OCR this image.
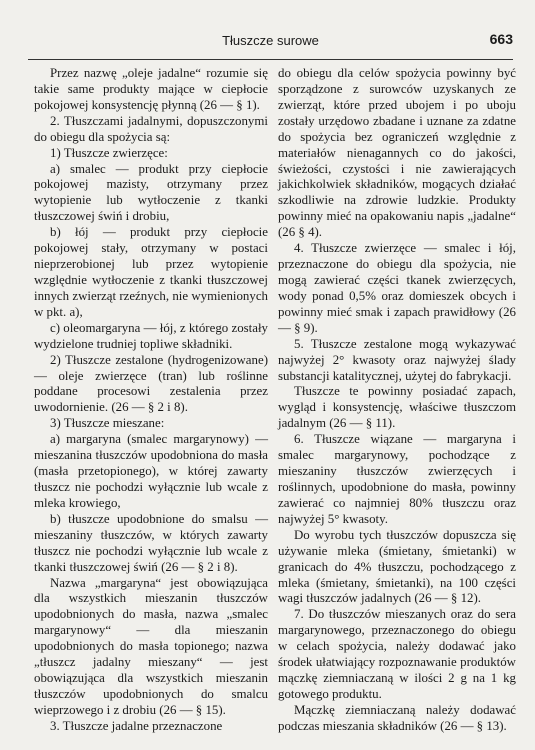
Tłuszcze surowe	663

Przez nazwę „oleje jadalne“ rozumie się takie same produkty mające w ciepłocie pokojowej konsystencję płynną (26 — § 1).

2. Tłuszczami jadalnymi, dopuszczonymi do obiegu dla spożycia są:

1) Tłuszcze zwierzęce:

a) smalec — produkt przy ciepłocie pokojowej mazisty, otrzymany przez wytopienie lub wytłoczenie z tkanki tłuszczowej świń i drobiu,

b) łój — produkt przy ciepłocie pokojowej stały, otrzymany w postaci nieprzerobionej lub przez wytopienie względnie wytłoczenie z tkanki tłuszczowej innych zwierząt rzeźnych, nie wymienionych w pkt. a),

c) oleomargaryna — łój, z którego zostały wydzielone trudniej topliwe składniki.

2) Tłuszcze zestalone (hydrogenizowane) — oleje zwierzęce (tran) lub roślinne poddane procesowi zestalenia przez uwodornienie. (26 — § 2 i 8).

3) Tłuszcze mieszane:

a) margaryna (smalec margarynowy) — mieszanina tłuszczów upodobniona do masła (masła przetopionego), w której zawarty tłuszcz nie pochodzi wyłącznie lub wcale z mleka krowiego,

b) tłuszcze upodobnione do smalsu — mieszaniny tłuszczów, w których zawarty tłuszcz nie pochodzi wyłącznie lub wcale z tkanki tłuszczowej świń (26 — § 2 i 8).

Nazwa „margaryna“ jest obowiązująca dla wszystkich mieszanin tłuszczów upodobnionych do masła, nazwa „smalec margarynowy“ — dla mieszanin upodobnionych do masła topionego; nazwa „tłuszcz jadalny mieszany“ — jest obowiązująca dla wszystkich mieszanin tłuszczów upodobnionych do smalcu wieprzowego i z drobiu (26 — § 15).

3. Tłuszcze jadalne przeznaczone

do obiegu dla celów spożycia powinny być sporządzone z surowców uzyskanych ze zwierząt, które przed ubojem i po uboju zostały urzędowo zbadane i uznane za zdatne do spożycia bez ograniczeń względnie z materiałów nienagannych co do jakości, świeżości, czystości i nie zawierających jakichkolwiek składników, mogących działać szkodliwie na zdrowie ludzkie. Produkty powinny mieć na opakowaniu napis „jadalne“ (26 § 4).

4. Tłuszcze zwierzęce — smalec i łój, przeznaczone do obiegu dla spożycia, nie mogą zawierać części tkanek zwierzęcych, wody ponad 0,5% oraz domieszek obcych i powinny mieć smak i zapach prawidłowy (26 — § 9).

5. Tłuszcze zestalone mogą wykazywać najwyżej 2° kwasoty oraz najwyżej ślady substancji katalitycznej, użytej do fabrykacji.

Tłuszcze te powinny posiadać zapach, wygląd i konsystencję, właściwe tłuszczom jadalnym (26 — § 11).

6. Tłuszcze wiązane — margaryna i smalec margarynowy, pochodzące z mieszaniny tłuszczów zwierzęcych i roślinnych, upodobnione do masła, powinny zawierać co najmniej 80% tłuszczu oraz najwyżej 5° kwasoty.

Do wyrobu tych tłuszczów dopuszcza się używanie mleka (śmietany, śmietanki) w granicach do 4% tłuszczu, pochodzącego z mleka (śmietany, śmietanki), na 100 części wagi tłuszczów jadalnych (26 — § 12).

7. Do tłuszczów mieszanych oraz do sera margarynowego, przeznaczonego do obiegu w celach spożycia, należy dodawać jako środek ułatwiający rozpoznawanie produktów mączkę ziemniaczaną w ilości 2 g na 1 kg gotowego produktu.

Mączkę ziemniaczaną należy dodawać podczas mieszania składników (26 — § 13).
